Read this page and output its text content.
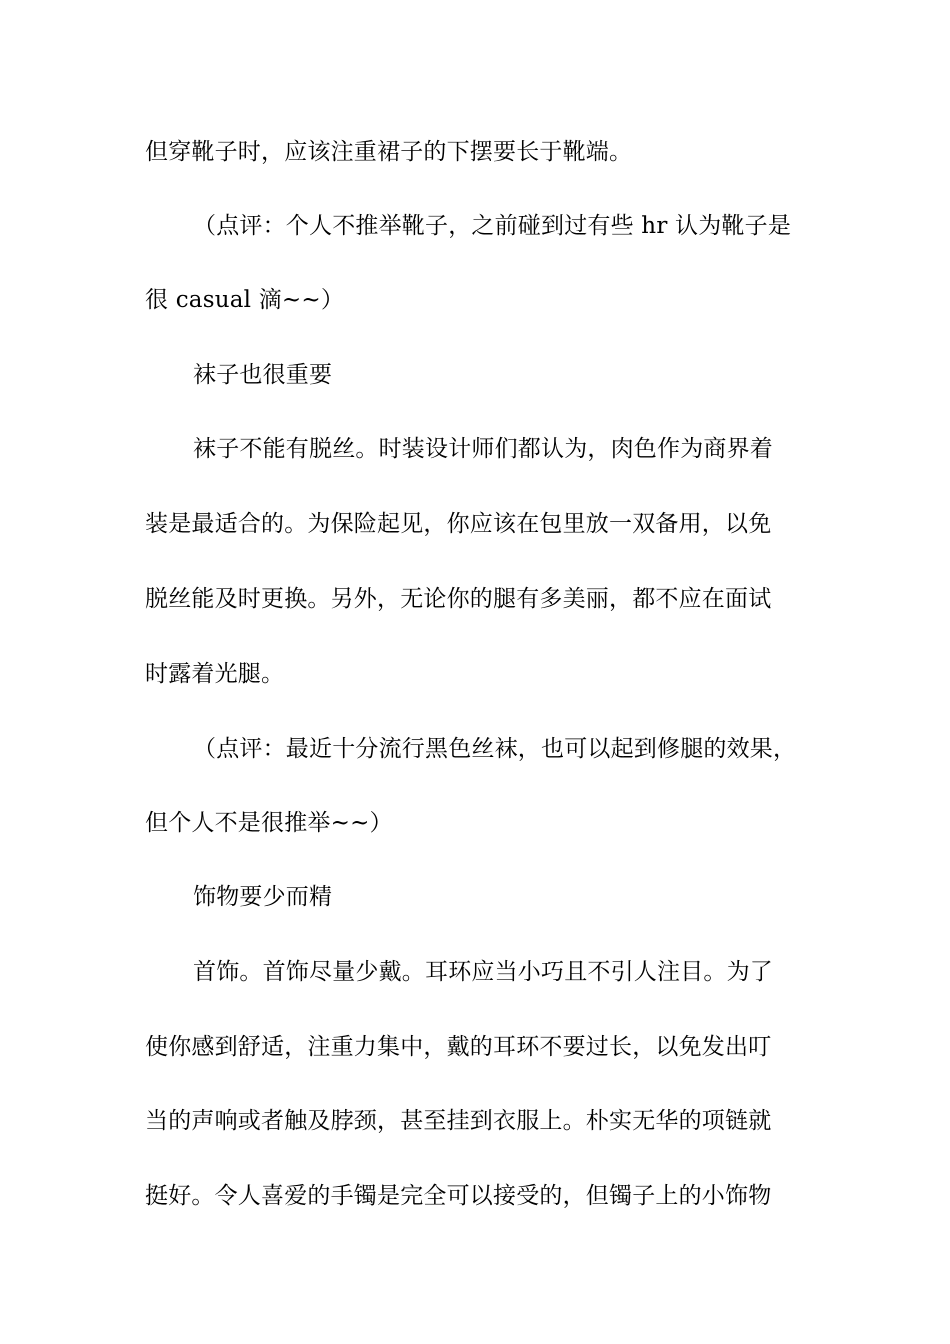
但穿靴子时，应该注重裙子的下摆要长于靴端。
（点评：个人不推举靴子，之前碰到过有些 hr 认为靴子是
很 casual 滴~~）
袜子也很重要
袜子不能有脱丝。时装设计师们都认为，肉色作为商界着
装是最适合的。为保险起见，你应该在包里放一双备用，以免
脱丝能及时更换。另外，无论你的腿有多美丽，都不应在面试
时露着光腿。
（点评：最近十分流行黑色丝袜，也可以起到修腿的效果，
但个人不是很推举~~）
饰物要少而精
首饰。首饰尽量少戴。耳环应当小巧且不引人注目。为了
使你感到舒适，注重力集中，戴的耳环不要过长，以免发出叮
当的声响或者触及脖颈，甚至挂到衣服上。朴实无华的项链就
挺好。令人喜爱的手镯是完全可以接受的，但镯子上的小饰物
